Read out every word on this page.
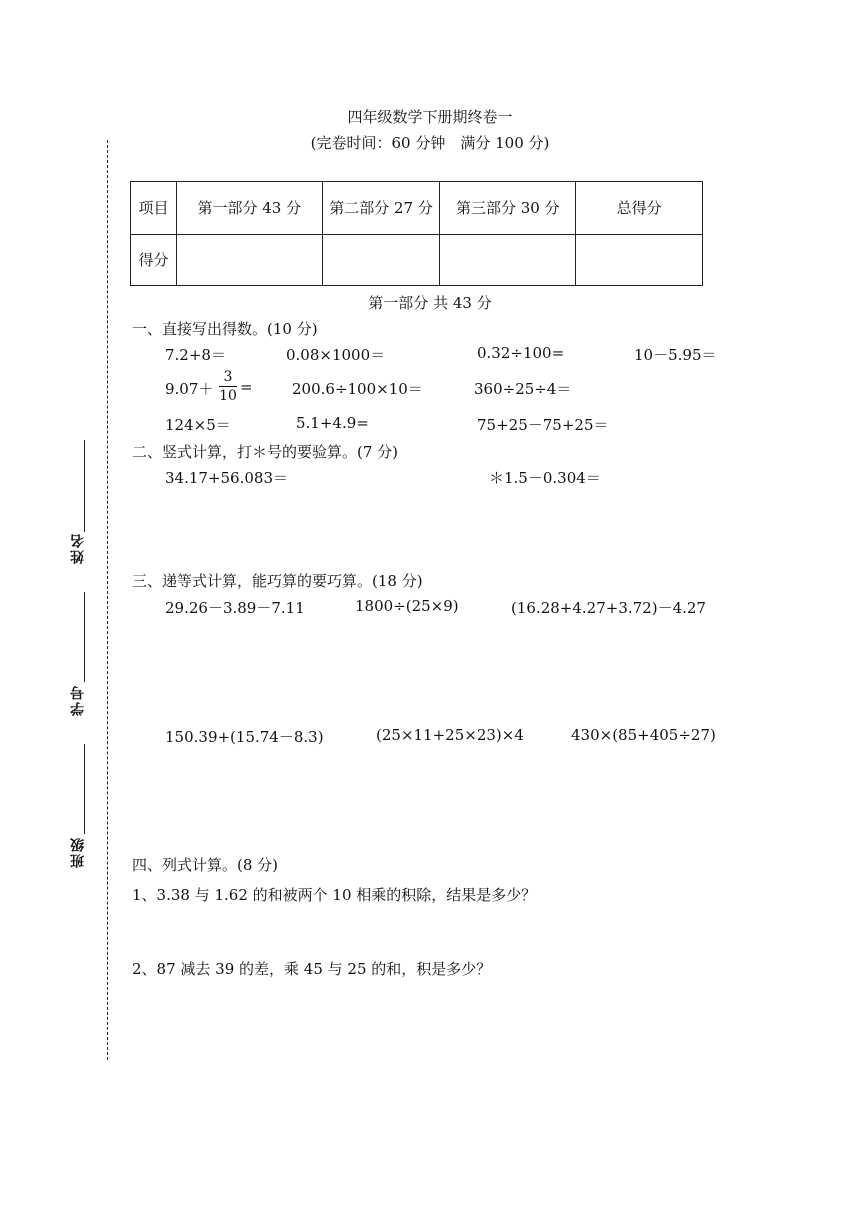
四年级数学下册期终卷一
(完卷时间：60 分钟　满分 100 分)
姓名
学号
班级
项目	第一部分 43 分	第二部分 27 分	第三部分 30 分	总得分
得分				
第一部分 共 43 分
一、直接写出得数。(10 分)
7.2+8＝	0.08×1000＝	0.32÷100=	10－5.95＝
$9.07+ \frac{3}{10}$ =	200.6÷100×10＝	360÷25÷4＝
124×5＝	5.1+4.9=	75+25－75+25＝
二、竖式计算，打＊号的要验算。(7 分)
34.17+56.083＝	＊1.5－0.304＝
三、递等式计算，能巧算的要巧算。(18 分)
29.26－3.89－7.11	1800÷(25×9)	(16.28+4.27+3.72)－4.27
150.39+(15.74－8.3)	(25×11+25×23)×4	430×(85+405÷27)
四、列式计算。(8 分)
1、3.38 与 1.62 的和被两个 10 相乘的积除，结果是多少？
2、87 减去 39 的差，乘 45 与 25 的和，积是多少？
